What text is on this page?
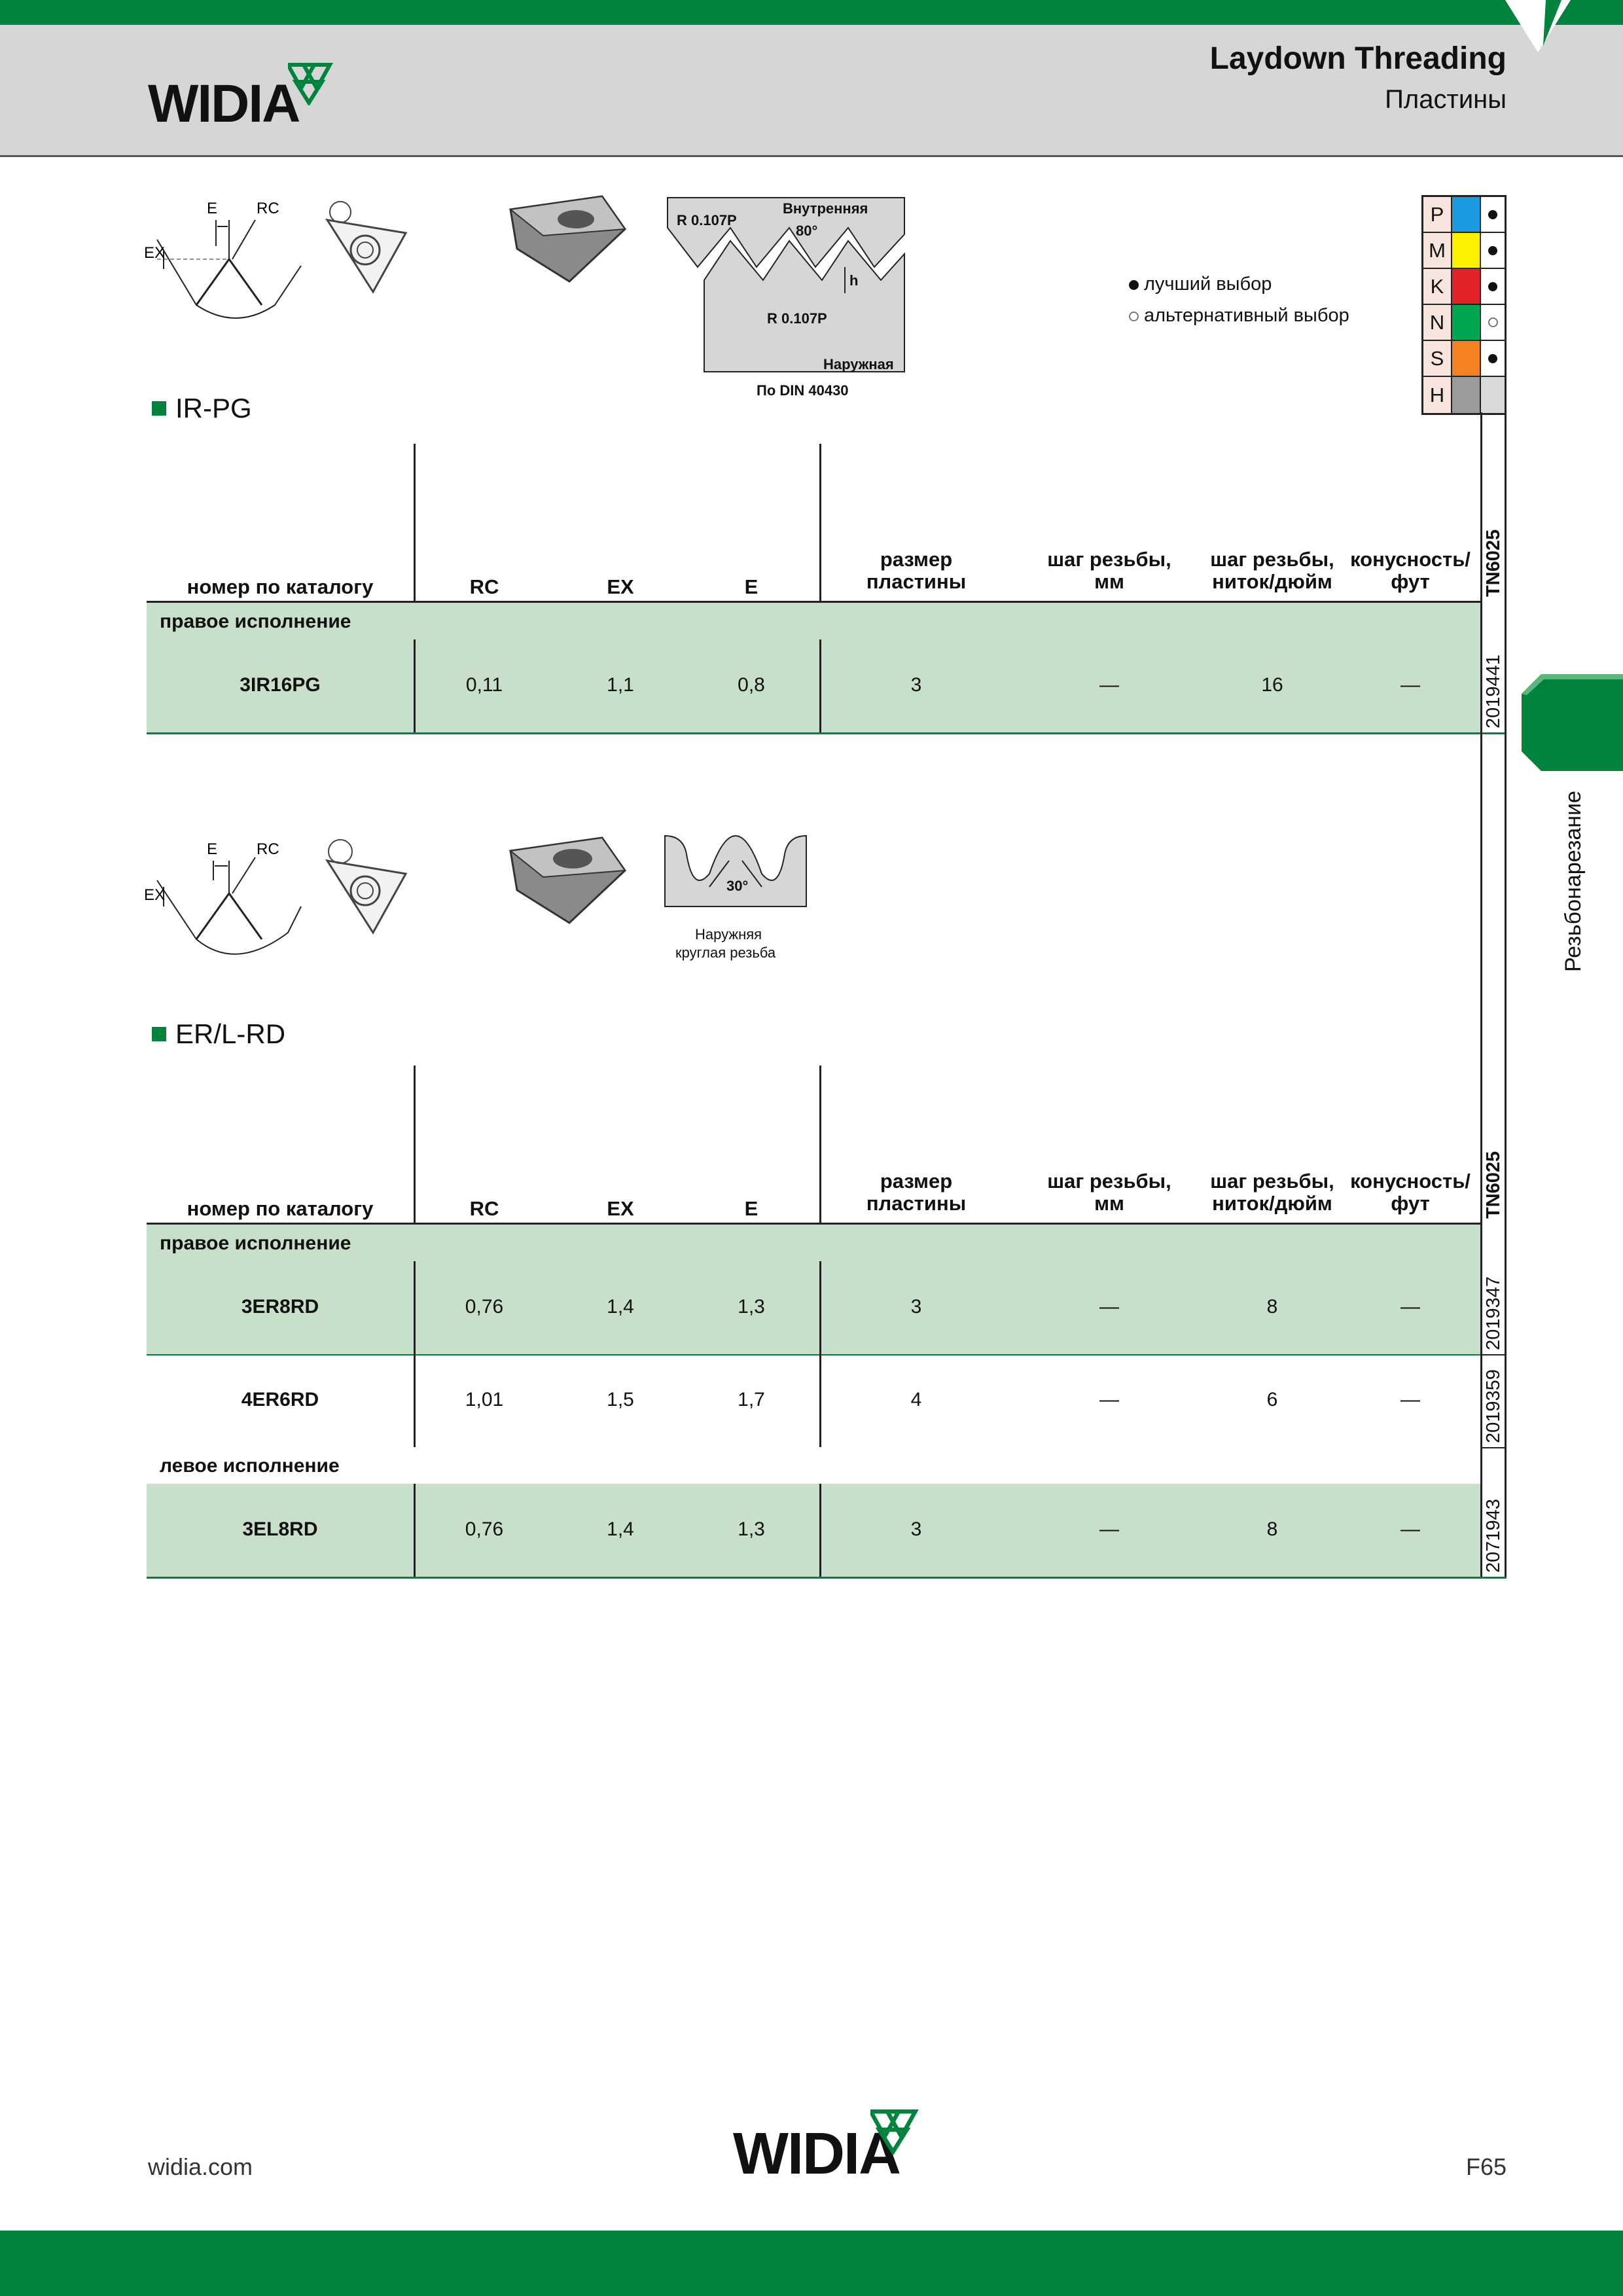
WIDIA
Laydown Threading
Пластины
Резьбонарезание
P
M
K
N
S
H
лучший выбор
альтернативный выбор
E RC
EX
R 0.107P
Внутренняя
80°
h
R 0.107P
Наружная
По DIN 40430
IR-PG
E RC
EX
30°
Наружняя
круглая резьба
ER/L-RD
widia.com	WIDIA	F65
номер по каталогу	RC	EX	E
размер
пластины
шаг резьбы,
мм
шаг резьбы,
ниток/дюйм
конусность/
фут	TN6025
правое исполнение
3IR16PG	0,11	1,1	0,8	3	—	16	—	2019441
номер по каталогу	RC	EX	E
размер
пластины
шаг резьбы,
мм
шаг резьбы,
ниток/дюйм
конусность/
фут	TN6025
правое исполнение
3ER8RD	0,76	1,4	1,3	3	—	8	—	2019347
4ER6RD	1,01	1,5	1,7	4	—	6	—	2019359
левое исполнение
3EL8RD	0,76	1,4	1,3	3	—	8	—	2071943
